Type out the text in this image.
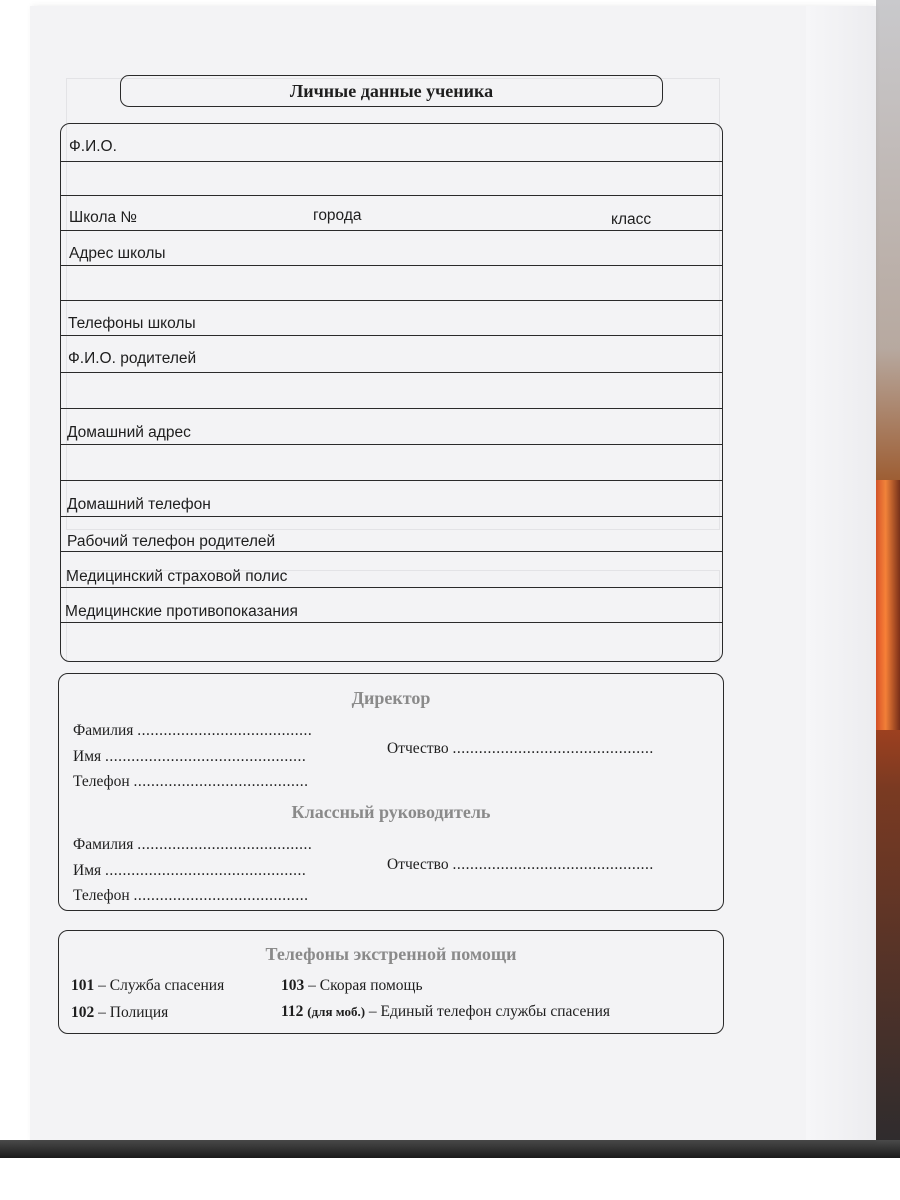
Личные данные ученика
Ф.И.О.
Школа №	города	класс
Адрес школы
Телефоны школы
Ф.И.О. родителей
Домашний адрес
Домашний телефон
Рабочий телефон родителей
Медицинский страховой полис
Медицинские противопоказания
Директор
Фамилия ........................................
Имя ..............................................	Отчество ..............................................
Телефон ........................................
Классный руководитель
Фамилия ........................................
Имя ..............................................	Отчество ..............................................
Телефон ........................................
Телефоны экстренной помощи
101 – Служба спасения	103 – Скорая помощь
102 – Полиция	112 (для моб.) – Единый телефон службы спасения
